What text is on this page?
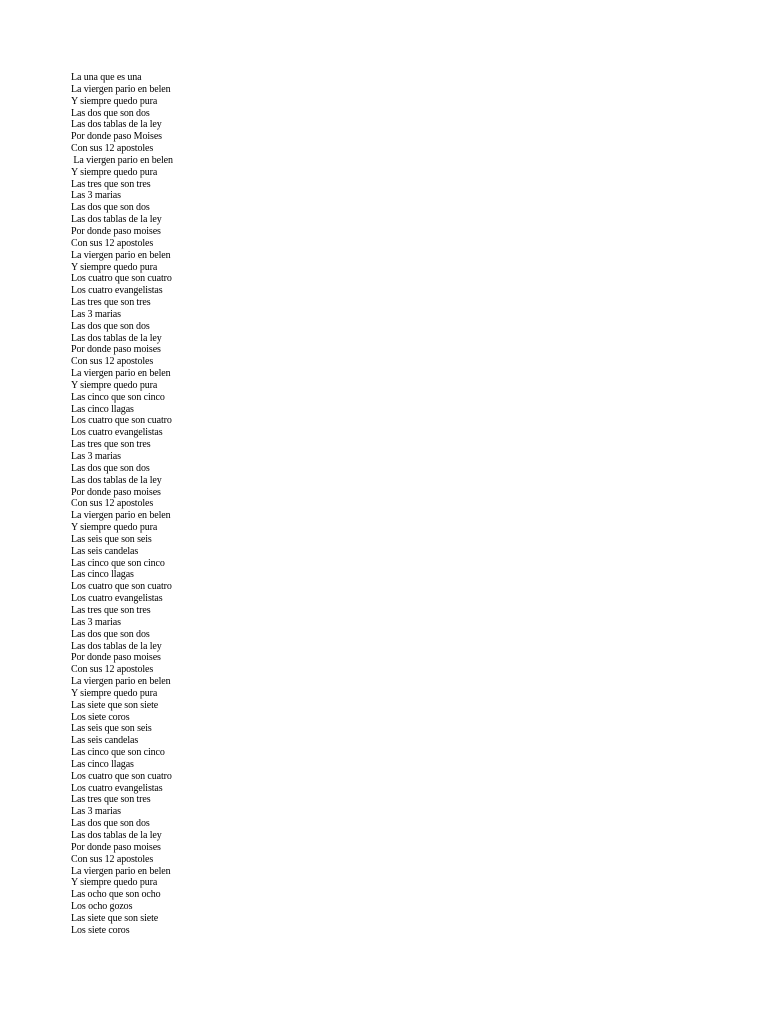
La una que es una
La viergen pario en belen
Y siempre quedo pura
Las dos que son dos
Las dos tablas de la ley
Por donde paso Moises
Con sus 12 apostoles
La viergen pario en belen
Y siempre quedo pura
Las tres que son tres
Las 3 marias
Las dos que son dos
Las dos tablas de la ley
Por donde paso moises
Con sus 12 apostoles
La viergen pario en belen
Y siempre quedo pura
Los cuatro que son cuatro
Los cuatro evangelistas
Las tres que son tres
Las 3 marias
Las dos que son dos
Las dos tablas de la ley
Por donde paso moises
Con sus 12 apostoles
La viergen pario en belen
Y siempre quedo pura
Las cinco que son cinco
Las cinco llagas
Los cuatro que son cuatro
Los cuatro evangelistas
Las tres que son tres
Las 3 marias
Las dos que son dos
Las dos tablas de la ley
Por donde paso moises
Con sus 12 apostoles
La viergen pario en belen
Y siempre quedo pura
Las seis que son seis
Las seis candelas
Las cinco que son cinco
Las cinco llagas
Los cuatro que son cuatro
Los cuatro evangelistas
Las tres que son tres
Las 3 marias
Las dos que son dos
Las dos tablas de la ley
Por donde paso moises
Con sus 12 apostoles
La viergen pario en belen
Y siempre quedo pura
Las siete que son siete
Los siete coros
Las seis que son seis
Las seis candelas
Las cinco que son cinco
Las cinco llagas
Los cuatro que son cuatro
Los cuatro evangelistas
Las tres que son tres
Las 3 marias
Las dos que son dos
Las dos tablas de la ley
Por donde paso moises
Con sus 12 apostoles
La viergen pario en belen
Y siempre quedo pura
Las ocho que son ocho
Los ocho gozos
Las siete que son siete
Los siete coros
